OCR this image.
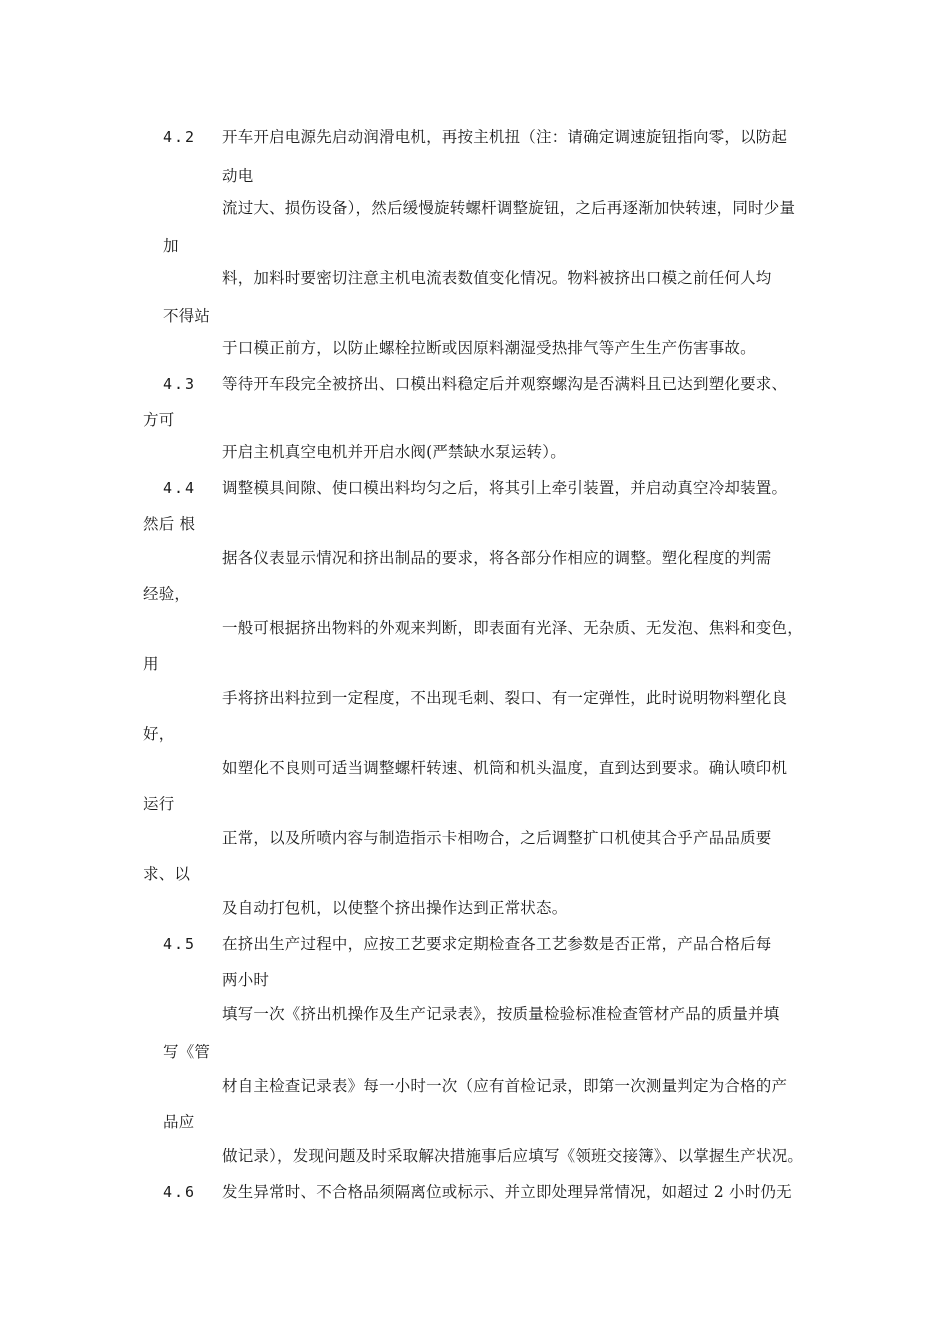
4.2 开车开启电源先启动润滑电机，再按主机扭（注：请确定调速旋钮指向零，以防起
动电
流过大、损伤设备），然后缓慢旋转螺杆调整旋钮，之后再逐渐加快转速，同时少量
加
料，加料时要密切注意主机电流表数值变化情况。物料被挤出口模之前任何人均
不得站
于口模正前方，以防止螺栓拉断或因原料潮湿受热排气等产生生产伤害事故。
4.3 等待开车段完全被挤出、口模出料稳定后并观察螺沟是否满料且已达到塑化要求、
方可
开启主机真空电机并开启水阀(严禁缺水泵运转）。
4.4 调整模具间隙、使口模出料均匀之后，将其引上牵引装置，并启动真空冷却装置。
然后 根
据各仪表显示情况和挤出制品的要求，将各部分作相应的调整。塑化程度的判需
经验，
一般可根据挤出物料的外观来判断，即表面有光泽、无杂质、无发泡、焦料和变色，
用
手将挤出料拉到一定程度，不出现毛刺、裂口、有一定弹性，此时说明物料塑化良
好，
如塑化不良则可适当调整螺杆转速、机筒和机头温度，直到达到要求。确认喷印机
运行
正常，以及所喷内容与制造指示卡相吻合，之后调整扩口机使其合乎产品品质要
求、以
及自动打包机，以使整个挤出操作达到正常状态。
4.5 在挤出生产过程中，应按工艺要求定期检查各工艺参数是否正常，产品合格后每
两小时
填写一次《挤出机操作及生产记录表》，按质量检验标准检查管材产品的质量并填
写《管
材自主检查记录表》每一小时一次（应有首检记录，即第一次测量判定为合格的产
品应
做记录），发现问题及时采取解决措施事后应填写《领班交接簿》、以掌握生产状况。
4.6 发生异常时、不合格品须隔离位或标示、并立即处理异常情况，如超过 2 小时仍无
